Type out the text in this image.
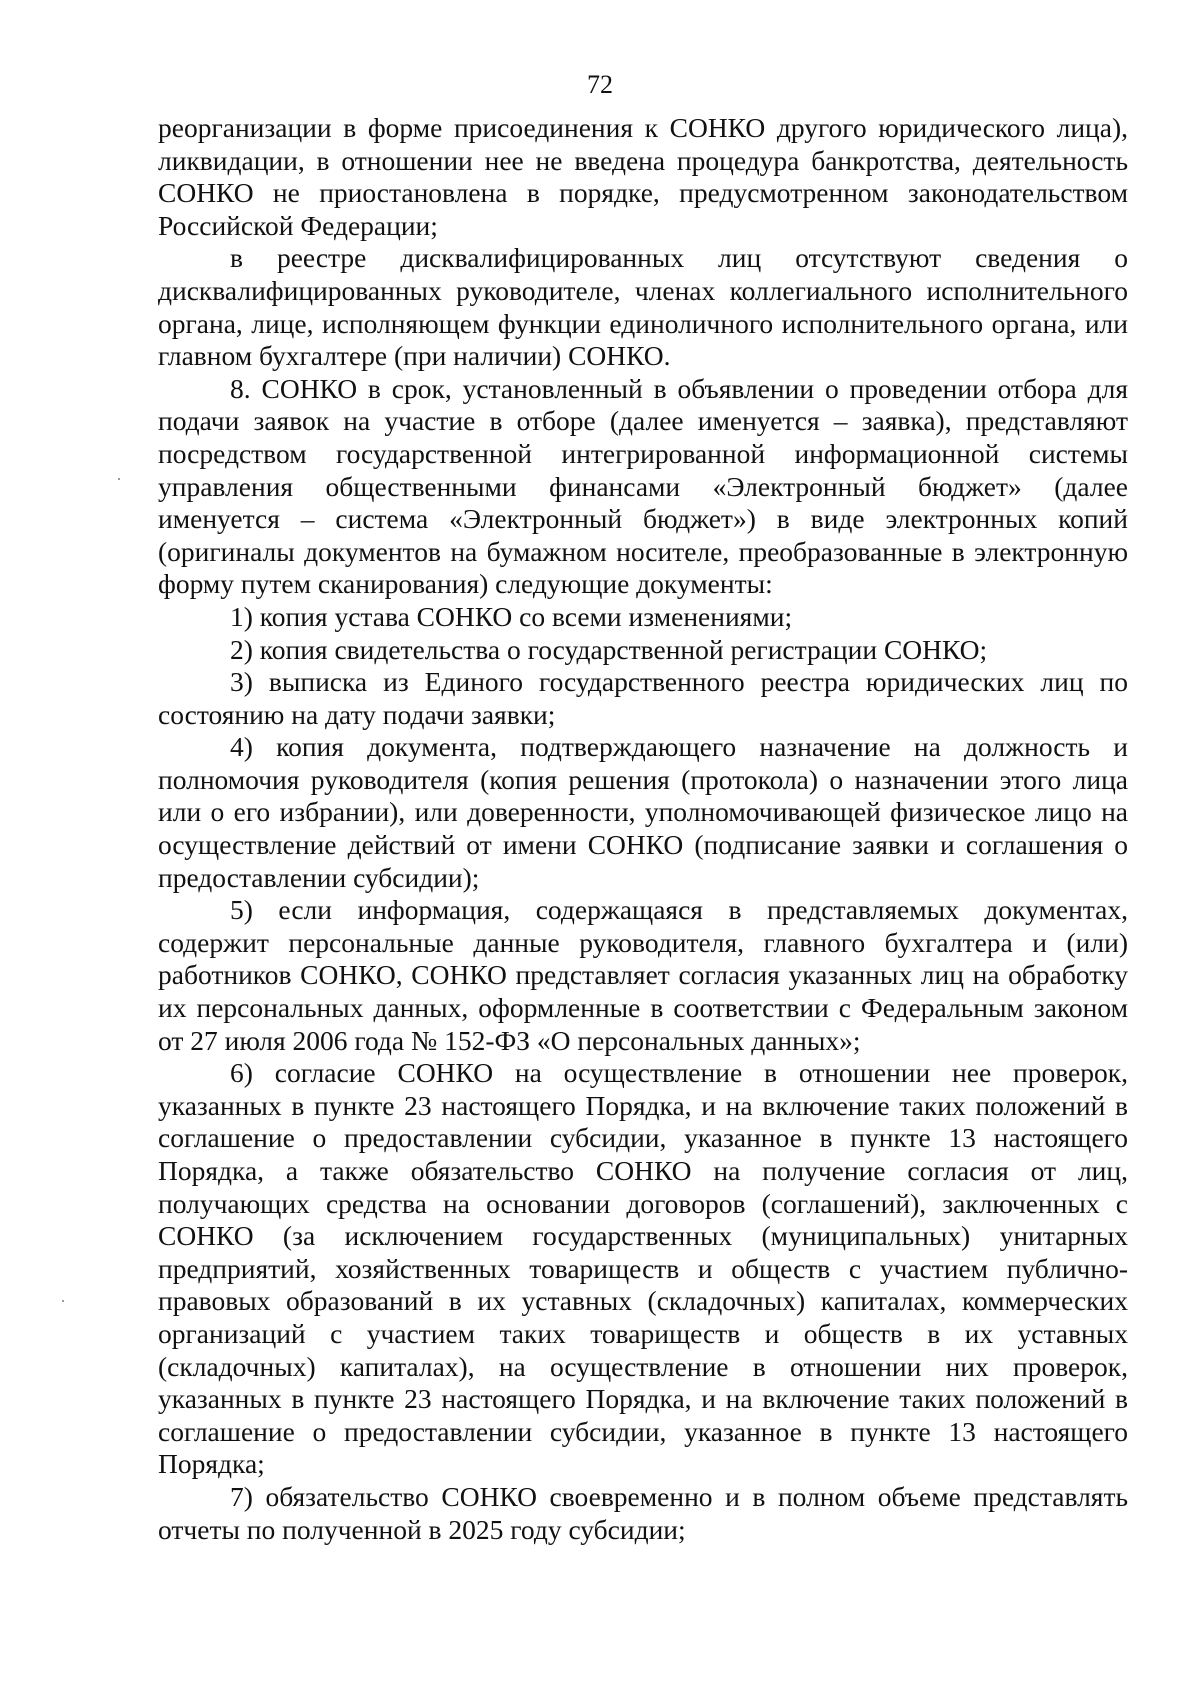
72

реорганизации в форме присоединения к СОНКО другого юридического лица), ликвидации, в отношении нее не введена процедура банкротства, деятельность СОНКО не приостановлена в порядке, предусмотренном законодательством Российской Федерации;

в реестре дисквалифицированных лиц отсутствуют сведения о дисквалифицированных руководителе, членах коллегиального исполнительного органа, лице, исполняющем функции единоличного исполнительного органа, или главном бухгалтере (при наличии) СОНКО.

8. СОНКО в срок, установленный в объявлении о проведении отбора для подачи заявок на участие в отборе (далее именуется – заявка), представляют посредством государственной интегрированной информационной системы управления общественными финансами «Электронный бюджет» (далее именуется – система «Электронный бюджет») в виде электронных копий (оригиналы документов на бумажном носителе, преобразованные в электронную форму путем сканирования) следующие документы:

1) копия устава СОНКО со всеми изменениями;

2) копия свидетельства о государственной регистрации СОНКО;

3) выписка из Единого государственного реестра юридических лиц по состоянию на дату подачи заявки;

4) копия документа, подтверждающего назначение на должность и полномочия руководителя (копия решения (протокола) о назначении этого лица или о его избрании), или доверенности, уполномочивающей физическое лицо на осуществление действий от имени СОНКО (подписание заявки и соглашения о предоставлении субсидии);

5) если информация, содержащаяся в представляемых документах, содержит персональные данные руководителя, главного бухгалтера и (или) работников СОНКО, СОНКО представляет согласия указанных лиц на обработку их персональных данных, оформленные в соответствии с Федеральным законом от 27 июля 2006 года № 152-ФЗ «О персональных данных»;

6) согласие СОНКО на осуществление в отношении нее проверок, указанных в пункте 23 настоящего Порядка, и на включение таких положений в соглашение о предоставлении субсидии, указанное в пункте 13 настоящего Порядка, а также обязательство СОНКО на получение согласия от лиц, получающих средства на основании договоров (соглашений), заключенных с СОНКО (за исключением государственных (муниципальных) унитарных предприятий, хозяйственных товариществ и обществ с участием публично-правовых образований в их уставных (складочных) капиталах, коммерческих организаций с участием таких товариществ и обществ в их уставных (складочных) капиталах), на осуществление в отношении них проверок, указанных в пункте 23 настоящего Порядка, и на включение таких положений в соглашение о предоставлении субсидии, указанное в пункте 13 настоящего Порядка;

7) обязательство СОНКО своевременно и в полном объеме представлять отчеты по полученной в 2025 году субсидии;
